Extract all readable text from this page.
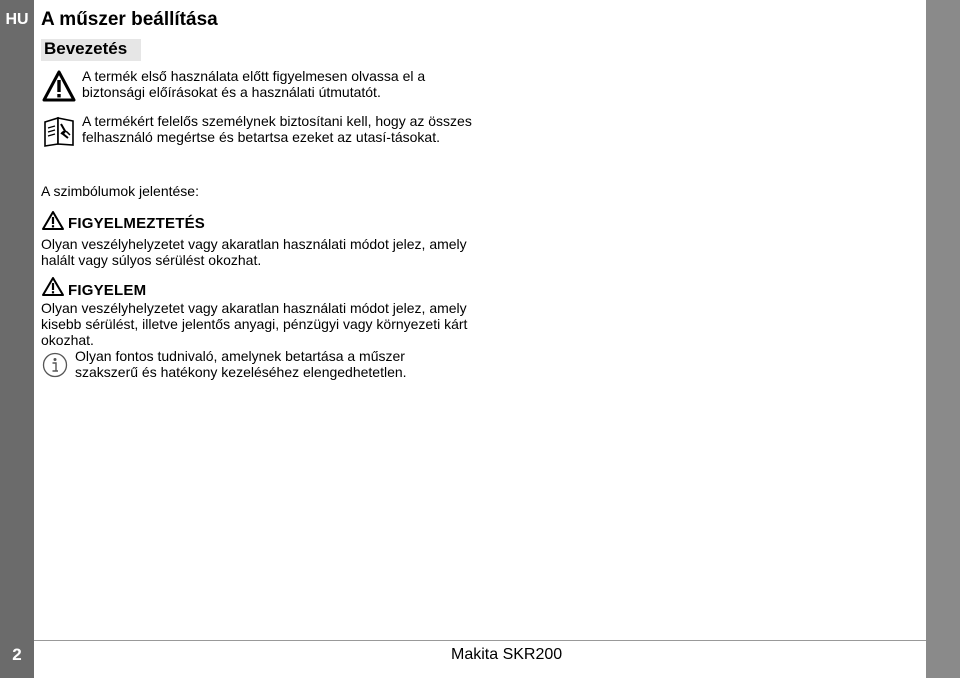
HU
2
A műszer beállítása
Bevezetés
A termék első használata előtt figyelmesen olvassa el a biztonsági előírásokat és a használati útmutatót.
A termékért felelős személynek biztosítani kell, hogy az összes felhasználó megértse és betartsa ezeket az utasí-tásokat.
A szimbólumok jelentése:
FIGYELMEZTETÉS
Olyan veszélyhelyzetet vagy akaratlan használati módot jelez, amely halált vagy súlyos sérülést okozhat.
FIGYELEM
Olyan veszélyhelyzetet vagy akaratlan használati módot jelez, amely kisebb sérülést, illetve jelentős anyagi, pénzügyi vagy környezeti kárt okozhat.
Olyan fontos tudnivaló, amelynek betartása a műszer szakszerű és hatékony kezeléséhez elengedhetetlen.
Makita SKR200
